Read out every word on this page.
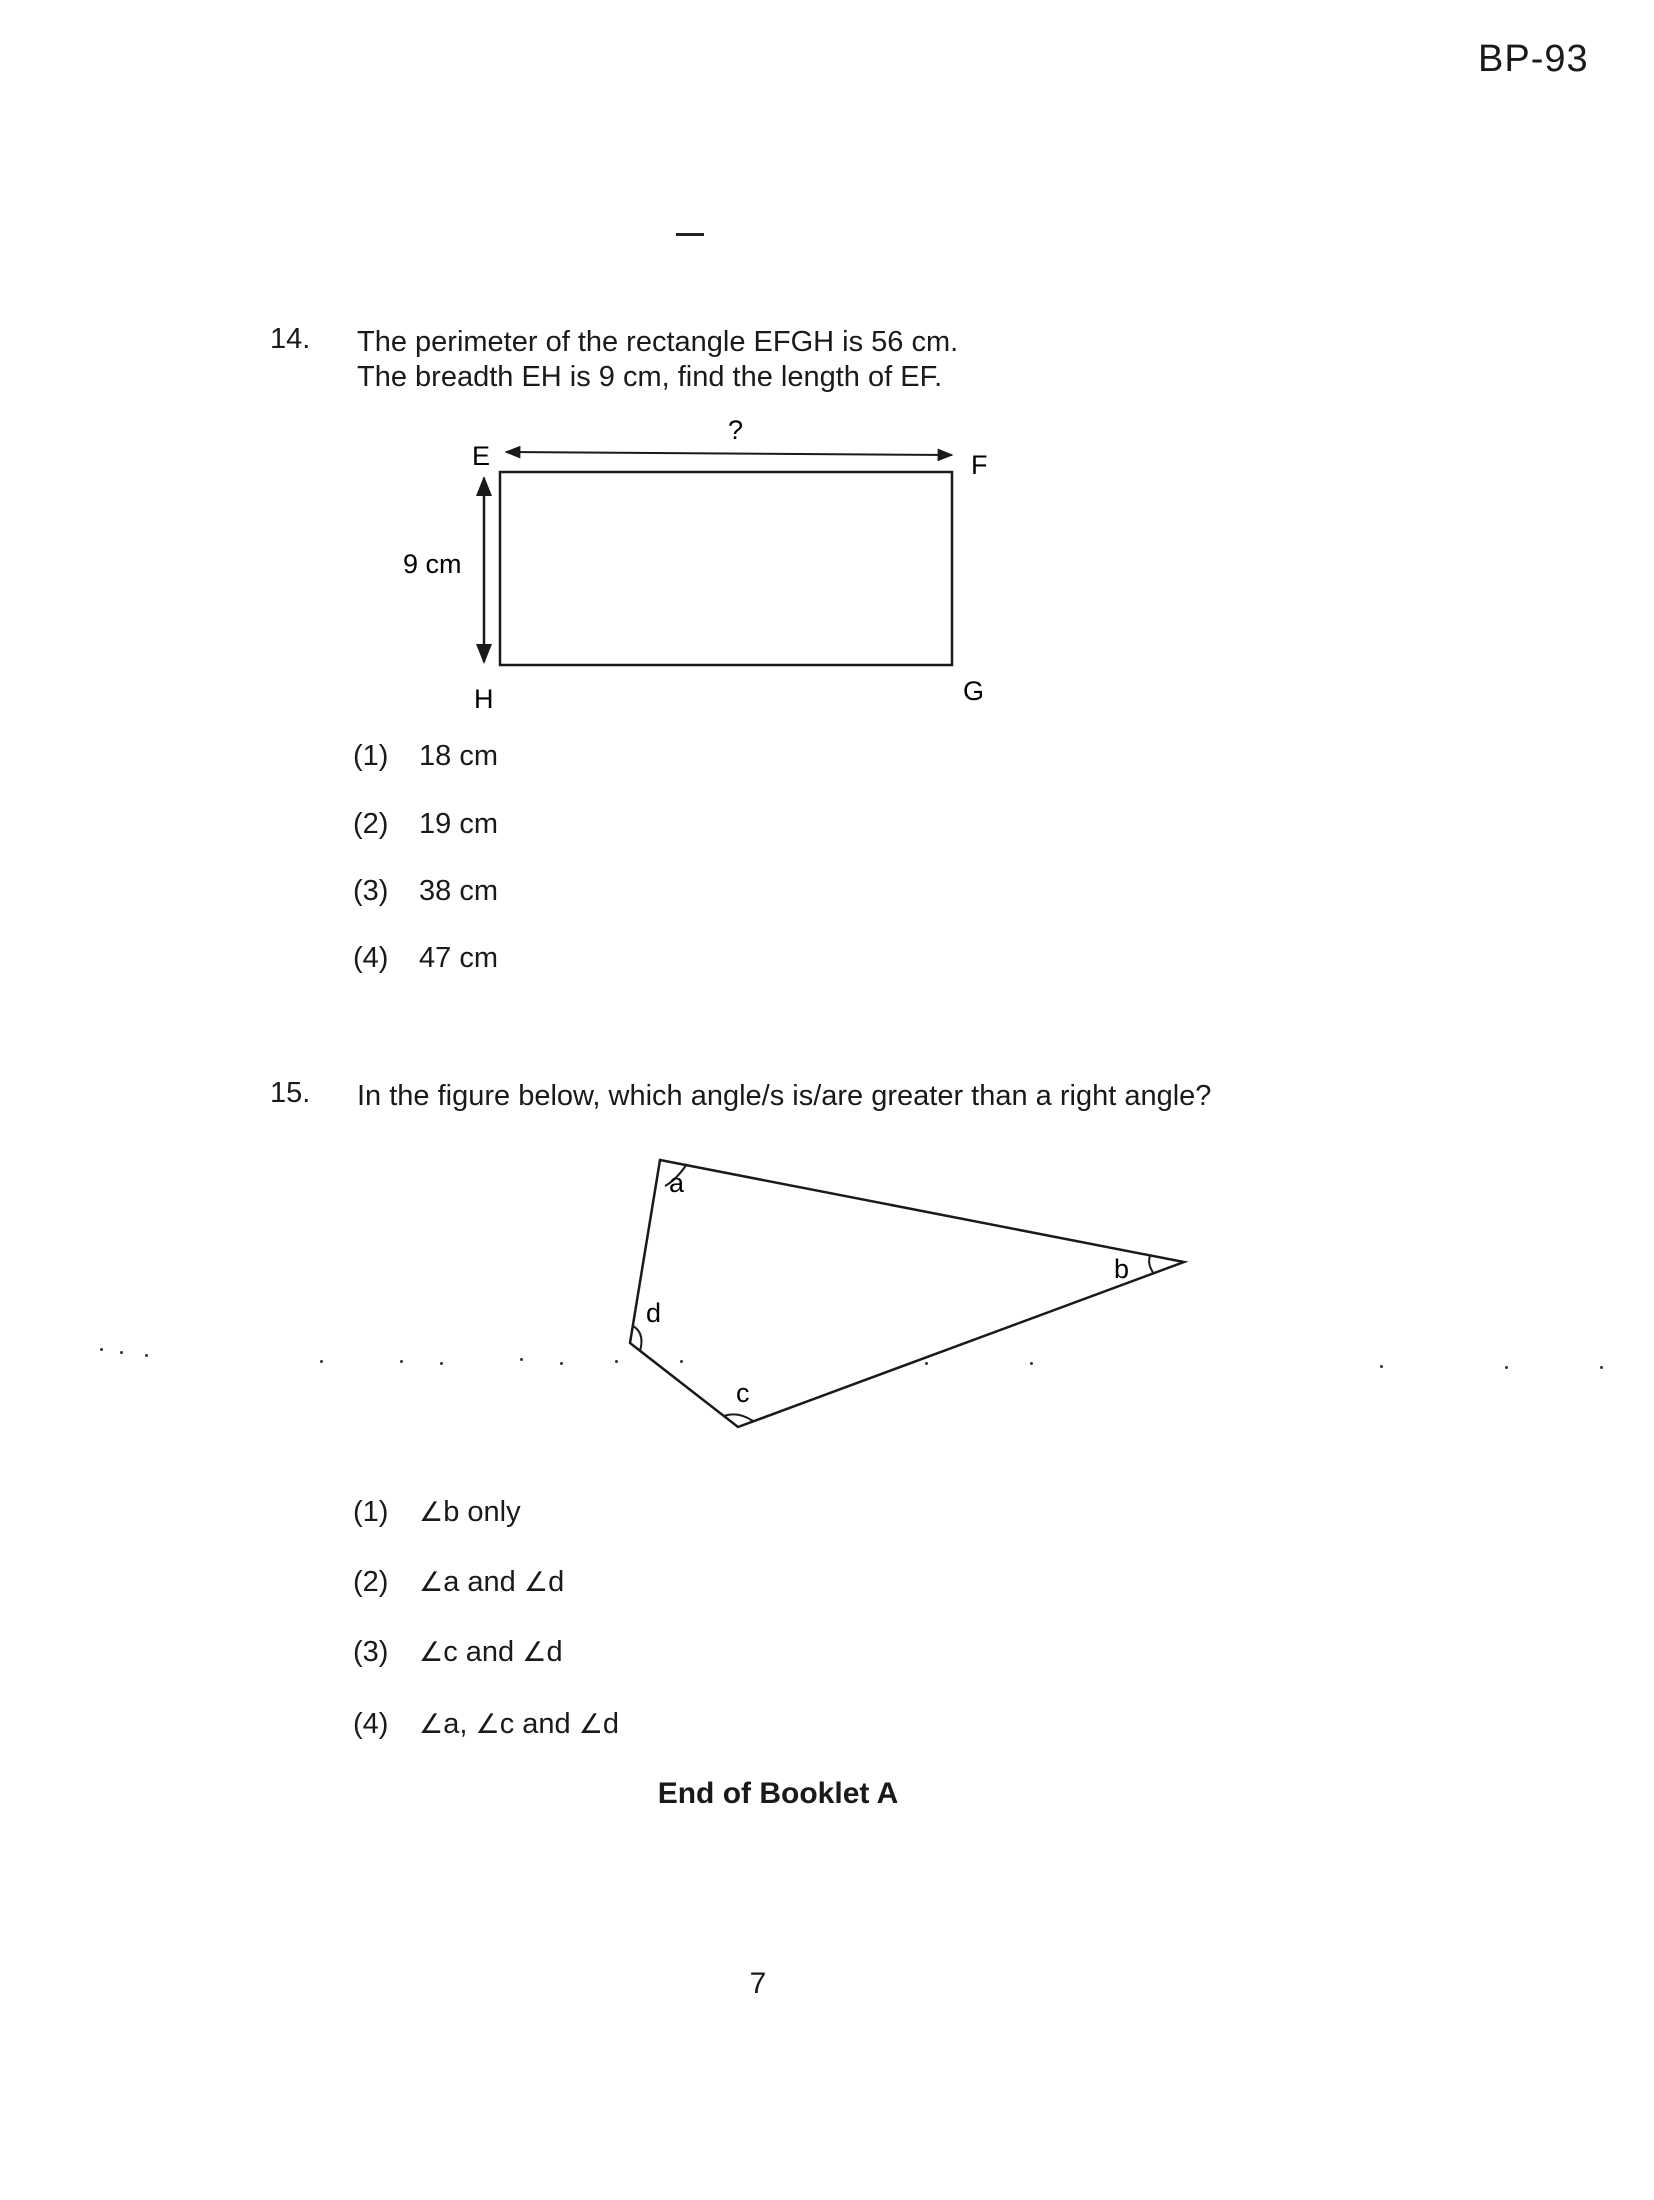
BP-93
14. The perimeter of the rectangle EFGH is 56 cm.
The breadth EH is 9 cm, find the length of EF.
E	F
G
H
?
9 cm
(1) 18 cm
(2) 19 cm
(3) 38 cm
(4) 47 cm
15. In the figure below, which angle/s is/are greater than a right angle?
a
b
c
d
(1) ∠b only
(2) ∠a and ∠d
(3) ∠c and ∠d
(4) ∠a, ∠c and ∠d
End of Booklet A
7
